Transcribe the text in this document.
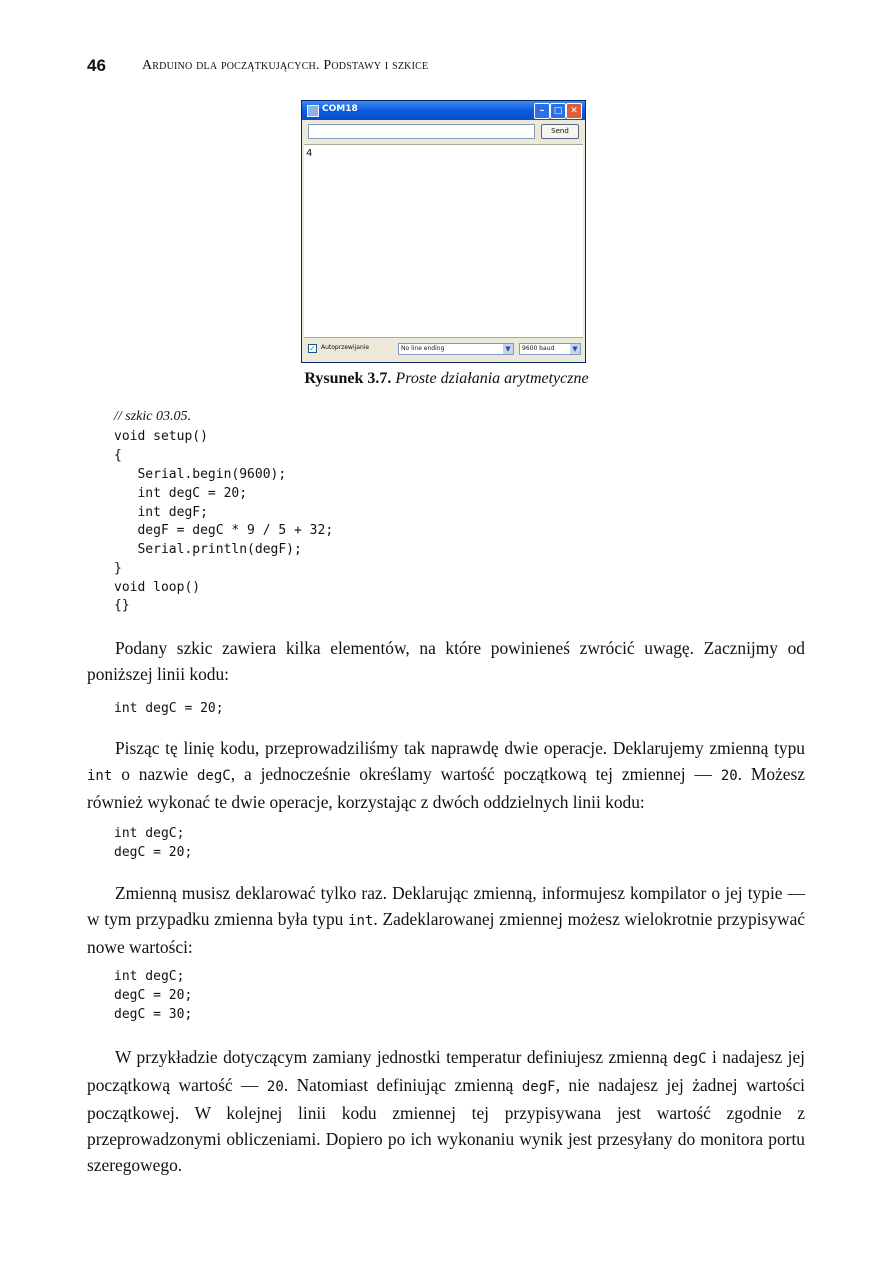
46	Arduino dla początkujących. Podstawy i szkice
COM18	–	□ ✕
Send
4
✓ Autoprzewijanie	No line ending	▼	9600 baud	▼
Rysunek 3.7. Proste działania arytmetyczne
// szkic 03.05.
void setup()
{
Serial.begin(9600);
int degC = 20;
int degF;
degF = degC * 9 / 5 + 32;
Serial.println(degF);
}
void loop()
{}
Podany szkic zawiera kilka elementów, na które powinieneś zwrócić uwagę. Zacznijmy od poniższej linii kodu:
int degC = 20;
Pisząc tę linię kodu, przeprowadziliśmy tak naprawdę dwie operacje. Deklarujemy zmienną typu int o nazwie degC, a jednocześnie określamy wartość początkową tej zmiennej — 20. Możesz również wykonać te dwie operacje, korzystając z dwóch oddzielnych linii kodu:
int degC;
degC = 20;
Zmienną musisz deklarować tylko raz. Deklarując zmienną, informujesz kompilator o jej typie — w tym przypadku zmienna była typu int. Zadeklarowanej zmiennej możesz wielokrotnie przypisywać nowe wartości:
int degC;
degC = 20;
degC = 30;
W przykładzie dotyczącym zamiany jednostki temperatur definiujesz zmienną degC i nadajesz jej początkową wartość — 20. Natomiast definiując zmienną degF, nie nadajesz jej żadnej wartości początkowej. W kolejnej linii kodu zmiennej tej przypisywana jest wartość zgodnie z przeprowadzonymi obliczeniami. Dopiero po ich wykonaniu wynik jest przesyłany do monitora portu szeregowego.
